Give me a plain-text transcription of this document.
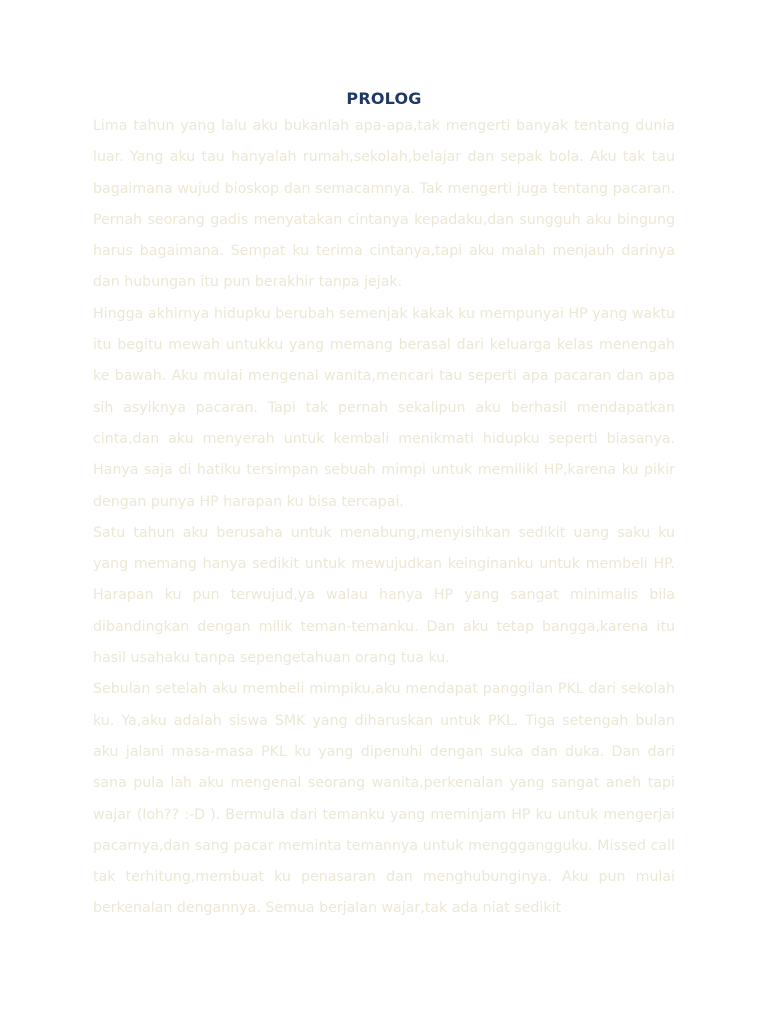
PROLOG

Lima tahun yang lalu aku bukanlah apa-apa,tak mengerti banyak tentang dunia luar. Yang aku tau hanyalah rumah,sekolah,belajar dan sepak bola. Aku tak tau bagaimana wujud bioskop dan semacamnya. Tak mengerti juga tentang pacaran. Pernah seorang gadis menyatakan cintanya kepadaku,dan sungguh aku bingung harus bagaimana. Sempat ku terima cintanya,tapi aku malah menjauh darinya dan hubungan itu pun berakhir tanpa jejak.

Hingga akhirnya hidupku berubah semenjak kakak ku mempunyai HP yang waktu itu begitu mewah untukku yang memang berasal dari keluarga kelas menengah ke bawah. Aku mulai mengenal wanita,mencari tau seperti apa pacaran dan apa sih asyiknya pacaran. Tapi tak pernah sekalipun aku berhasil mendapatkan cinta,dan aku menyerah untuk kembali menikmati hidupku seperti biasanya. Hanya saja di hatiku tersimpan sebuah mimpi untuk memiliki HP,karena ku pikir dengan punya HP harapan ku bisa tercapai.

Satu tahun aku berusaha untuk menabung,menyisihkan sedikit uang saku ku yang memang hanya sedikit untuk mewujudkan keinginanku untuk membeli HP. Harapan ku pun terwujud,ya walau hanya HP yang sangat minimalis bila dibandingkan dengan milik teman-temanku. Dan aku tetap bangga,karena itu hasil usahaku tanpa sepengetahuan orang tua ku.

Sebulan setelah aku membeli mimpiku,aku mendapat panggilan PKL dari sekolah ku. Ya,aku adalah siswa SMK yang diharuskan untuk PKL. Tiga setengah bulan aku jalani masa-masa PKL ku yang dipenuhi dengan suka dan duka. Dan dari sana pula lah aku mengenal seorang wanita,perkenalan yang sangat aneh tapi wajar (loh?? :-D ). Bermula dari temanku yang meminjam HP ku untuk mengerjai pacarnya,dan sang pacar meminta temannya untuk mengggangguku. Missed call tak terhitung,membuat ku penasaran dan menghubunginya. Aku pun mulai berkenalan dengannya. Semua berjalan wajar,tak ada niat sedikit
